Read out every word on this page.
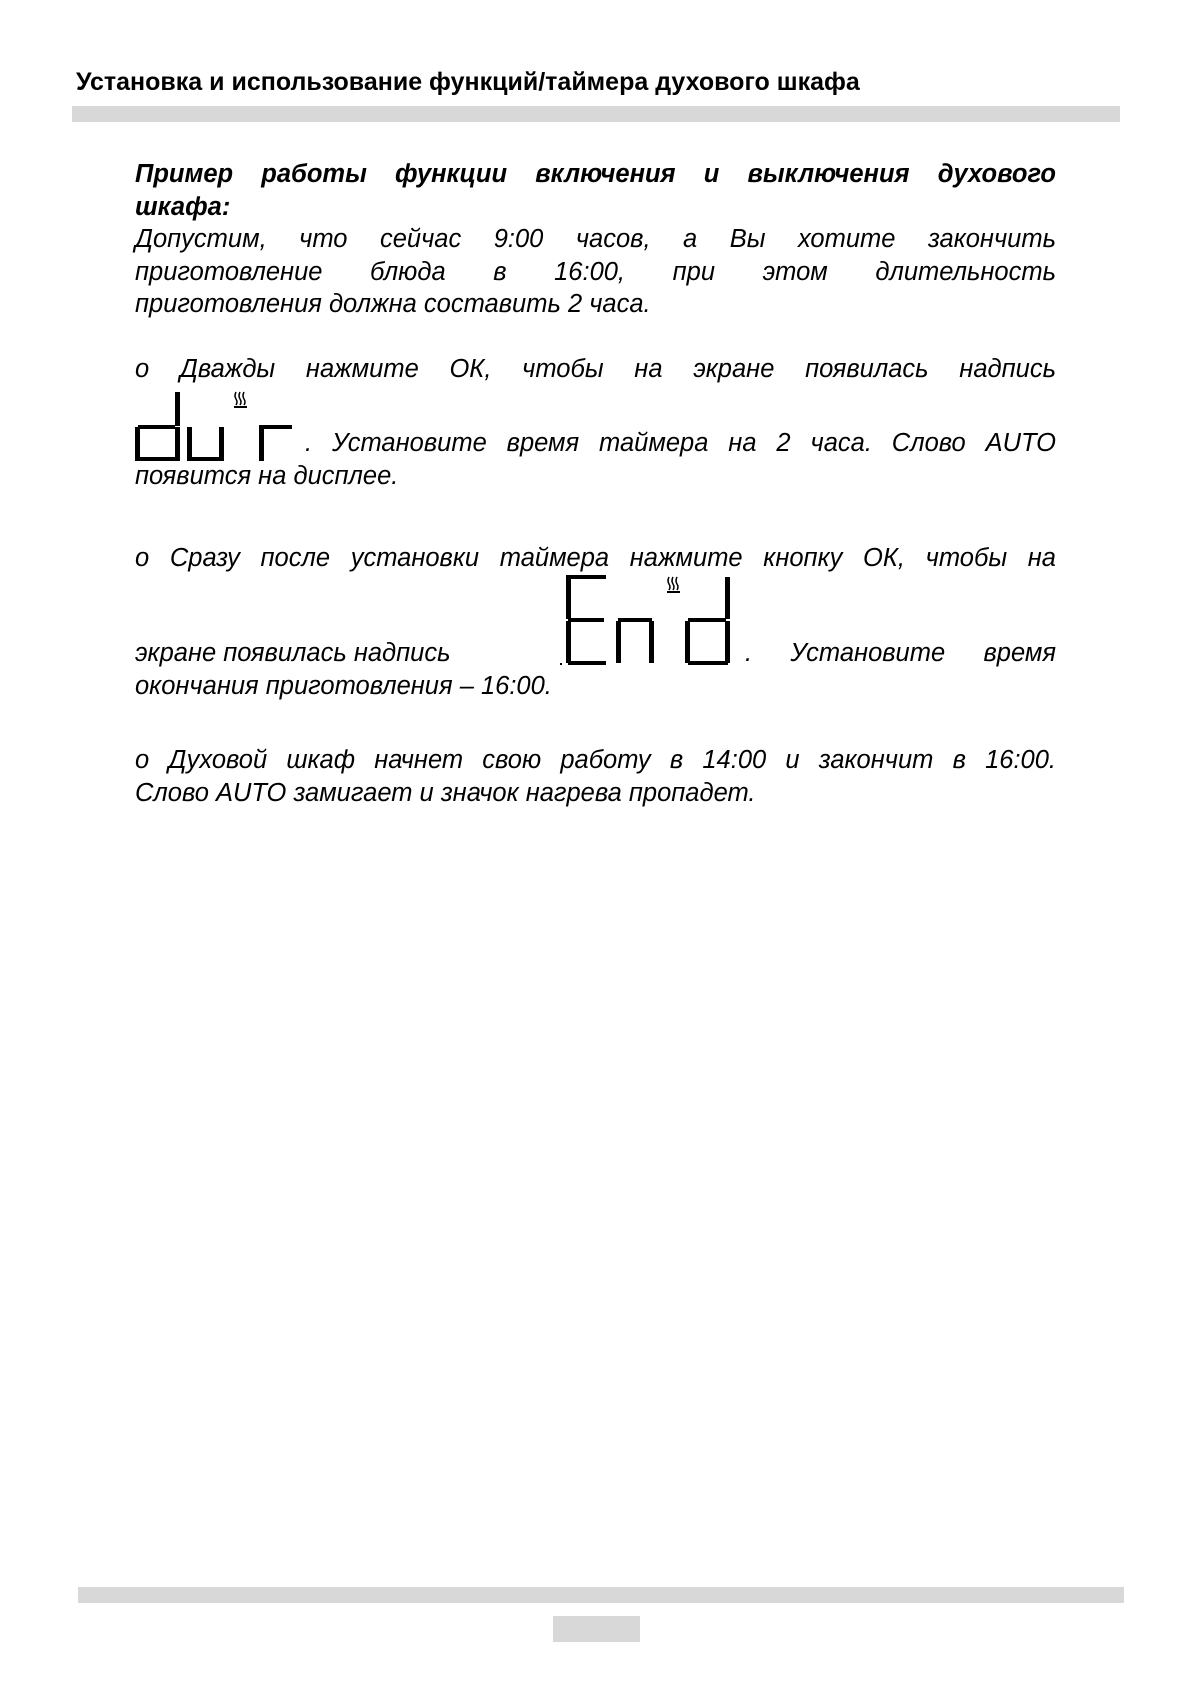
Установка и использование функций/таймера духового шкафа
Пример работы функции включения и выключения духового
шкафа:
Допустим, что сейчас 9:00 часов, а Вы хотите закончить
приготовление блюда в 16:00, при этом длительность
приготовления должна составить 2 часа.
o Дважды нажмите ОК, чтобы на экране появилась надпись
. Установите время таймера на 2 часа. Слово AUTO
появится на дисплее.
o Сразу после установки таймера нажмите кнопку ОК, чтобы на
экране появилась надпись	. Установите время
окончания приготовления – 16:00.
o Духовой шкаф начнет свою работу в 14:00 и закончит в 16:00.
Слово AUTO замигает и значок нагрева пропадет.
